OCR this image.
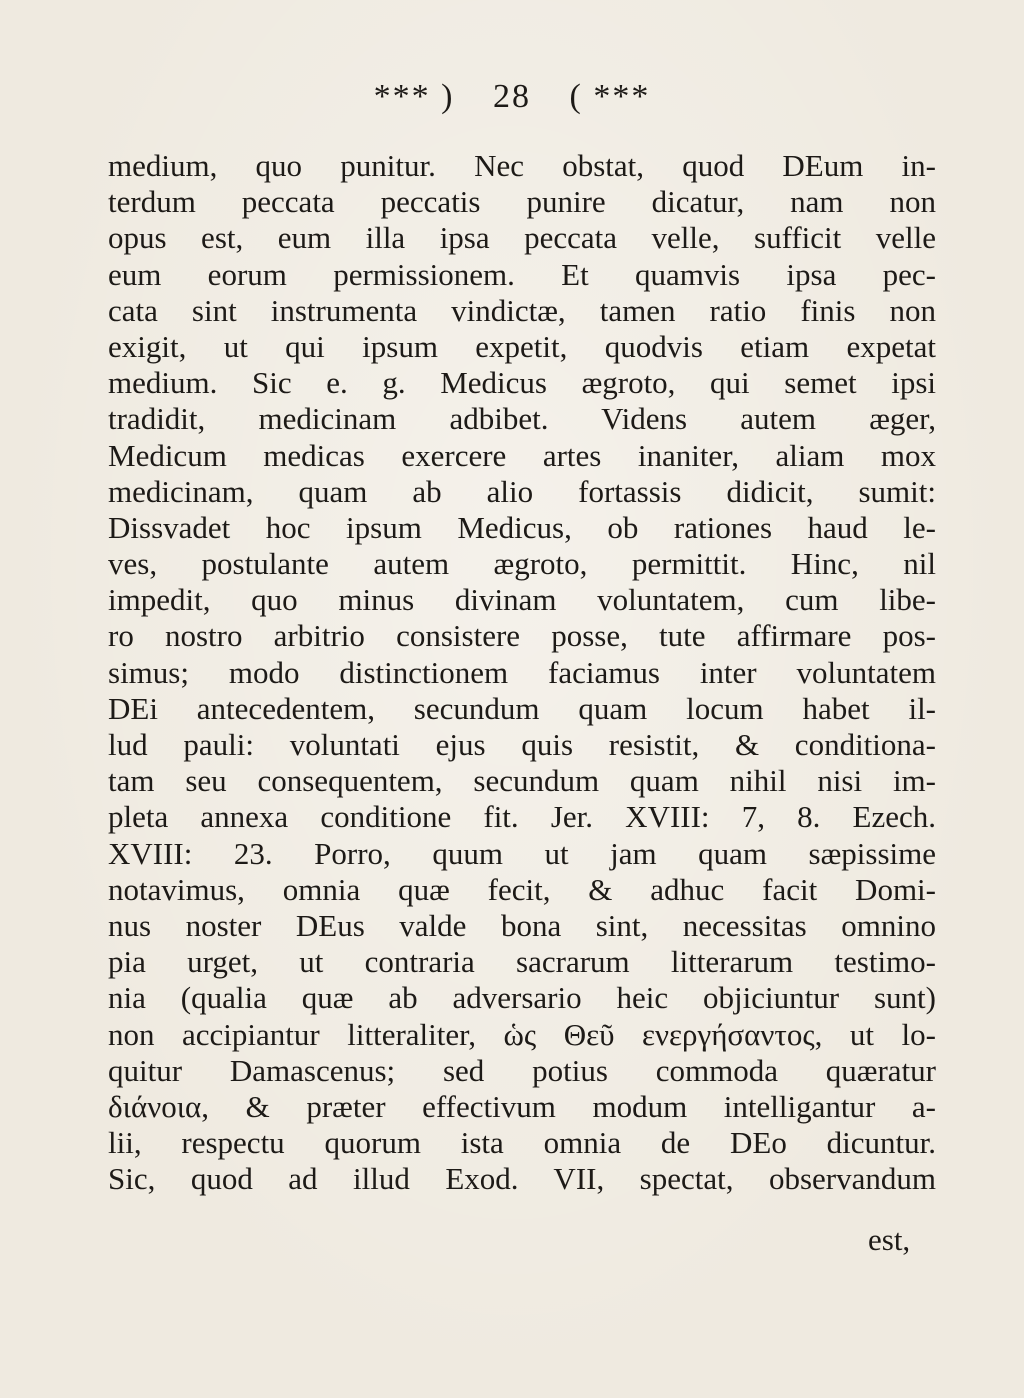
*** ) 28 ( ***
medium, quo punitur. Nec obstat, quod DEum in-
terdum peccata peccatis punire dicatur, nam non
opus est, eum illa ipsa peccata velle, sufficit velle
eum eorum permissionem. Et quamvis ipsa pec-
cata sint instrumenta vindictæ, tamen ratio finis non
exigit, ut qui ipsum expetit, quodvis etiam expetat
medium. Sic e. g. Medicus ægroto, qui semet ipsi
tradidit, medicinam adbibet. Videns autem æger,
Medicum medicas exercere artes inaniter, aliam mox
medicinam, quam ab alio fortassis didicit, sumit:
Dissvadet hoc ipsum Medicus, ob rationes haud le-
ves, postulante autem ægroto, permittit. Hinc, nil
impedit, quo minus divinam voluntatem, cum libe-
ro nostro arbitrio consistere posse, tute affirmare pos-
simus; modo distinctionem faciamus inter voluntatem
DEi antecedentem, secundum quam locum habet il-
lud pauli: voluntati ejus quis resistit, & conditiona-
tam seu consequentem, secundum quam nihil nisi im-
pleta annexa conditione fit. Jer. XVIII: 7, 8. Ezech.
XVIII: 23. Porro, quum ut jam quam sæpissime
notavimus, omnia quæ fecit, & adhuc facit Domi-
nus noster DEus valde bona sint, necessitas omnino
pia urget, ut contraria sacrarum litterarum testimo-
nia (qualia quæ ab adversario heic objiciuntur sunt)
non accipiantur litteraliter, ὡς Θεῦ ενεργήσαντος, ut lo-
quitur Damascenus; sed potius commoda quæratur
διάνοια, & præter effectivum modum intelligantur a-
lii, respectu quorum ista omnia de DEo dicuntur.
Sic, quod ad illud Exod. VII, spectat, observandum
est,
